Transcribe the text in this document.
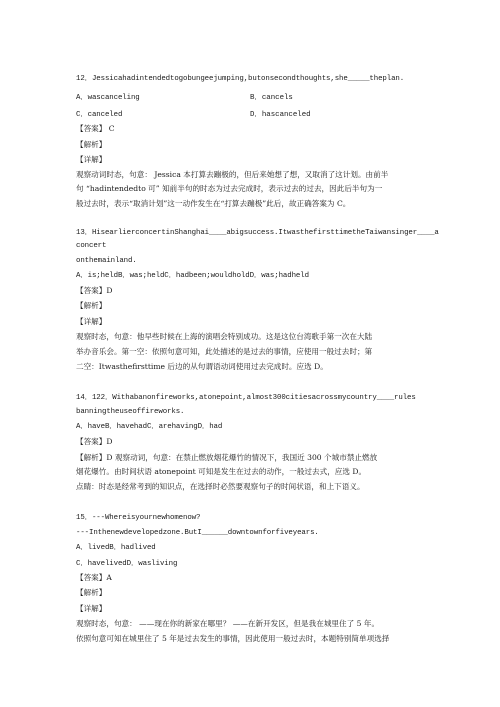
12．Jessicahadintendedtogobungeejumping,butonsecondthoughts,she_____theplan.
A．wascanceling	B．cancels
C．canceled	D．hascanceled
【答案】 C
【解析】
【详解】
观察动词时态，句意： Jessica 本打算去蹦极的，但后来她想了想，又取消了这计划。由前半
句 “hadintendedto 可” 知前半句的时态为过去完成时，表示过去的过去，因此后半句为一
般过去时，表示“取消计划”这一动作发生在“打算去蹦极”此后，故正确答案为 C。
13．HisearlierconcertinShanghai____abigsuccess.ItwasthefirsttimetheTaiwansinger____a
concert
onthemainland.
A．is;heldB．was;heldC．hadbeen;wouldholdD．was;hadheld
【答案】D
【解析】
【详解】
观察时态，句意：他早些时候在上海的演唱会特别成功。这是这位台湾歌手第一次在大陆
举办音乐会。第一空：依照句意可知，此处描述的是过去的事情，应使用一般过去时；第
二空：Itwasthefirsttime 后边的从句谓语动词使用过去完成时。应选 D。
14．122．Withabanonfireworks,atonepoint,almost300citiesacrossmycountry____rules
banningtheuseoffireworks.
A．haveB．havehadC．arehavingD．had
【答案】D
【解析】D 观察动词，句意：在禁止燃放烟花爆竹的情况下，我国近 300 个城市禁止燃放
烟花爆竹。由时间状语 atonepoint 可知是发生在过去的动作，一般过去式，应选 D。
点睛：时态是经常考到的知识点，在选择时必然要观察句子的时间状语，和上下语义。
15．---Whereisyournewhomenow?
---Inthenewdevelopedzone.ButI______downtownforfiveyears.
A．livedB．hadlived
C．havelivedD．wasliving
【答案】A
【解析】
【详解】
观察时态，句意： ——现在你的新家在哪里？ ——在新开发区，但是我在城里住了 5 年。
依照句意可知在城里住了 5 年是过去发生的事情，因此使用一般过去时，本题特别简单项选择
